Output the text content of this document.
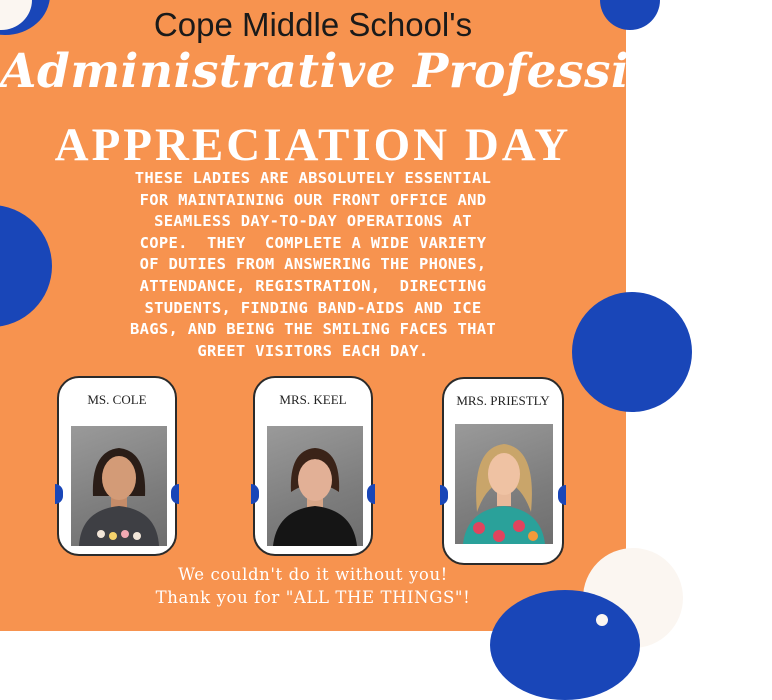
Cope Middle School's
Administrative Professionals
APPRECIATION DAY
THESE LADIES ARE ABSOLUTELY ESSENTIAL
FOR MAINTAINING OUR FRONT OFFICE AND
SEAMLESS DAY-TO-DAY OPERATIONS AT
COPE.  THEY  COMPLETE A WIDE VARIETY
OF DUTIES FROM ANSWERING THE PHONES,
ATTENDANCE, REGISTRATION,  DIRECTING
STUDENTS, FINDING BAND-AIDS AND ICE
BAGS, AND BEING THE SMILING FACES THAT
GREET VISITORS EACH DAY.
MS. COLE	MRS. KEEL	MRS. PRIESTLY
We couldn't do it without you!
Thank you for "ALL THE THINGS"!
